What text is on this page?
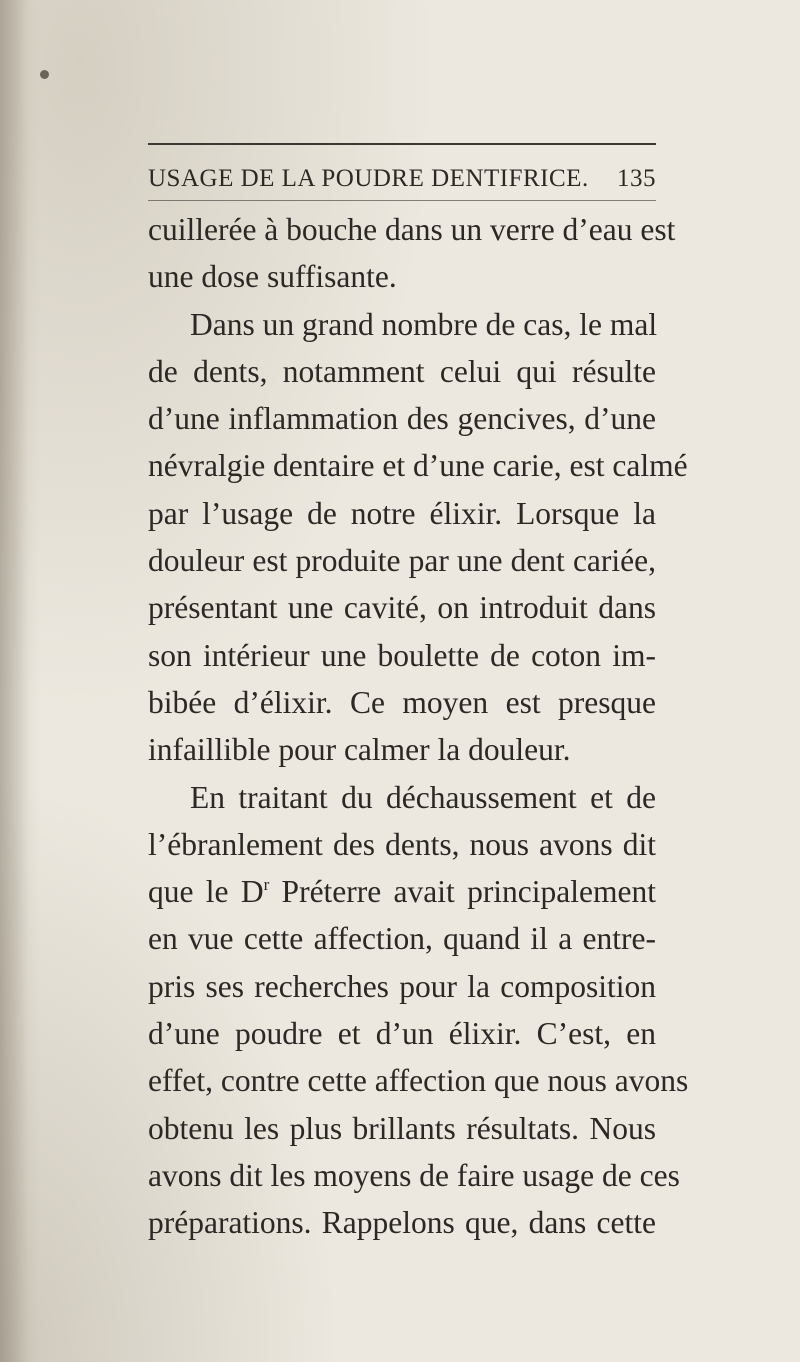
USAGE DE LA POUDRE DENTIFRICE. 135

cuillerée à bouche dans un verre d’eau est

une dose suffisante.

Dans un grand nombre de cas, le mal

de dents, notamment celui qui résulte

d’une inflammation des gencives, d’une

névralgie dentaire et d’une carie, est calmé

par l’usage de notre élixir. Lorsque la

douleur est produite par une dent cariée,

présentant une cavité, on introduit dans

son intérieur une boulette de coton im-

bibée d’élixir. Ce moyen est presque

infaillible pour calmer la douleur.

En traitant du déchaussement et de

l’ébranlement des dents, nous avons dit

que le $D^r$ Préterre avait principalement

en vue cette affection, quand il a entre-

pris ses recherches pour la composition

d’une poudre et d’un élixir. C’est, en

effet, contre cette affection que nous avons

obtenu les plus brillants résultats. Nous

avons dit les moyens de faire usage de ces

préparations. Rappelons que, dans cette
